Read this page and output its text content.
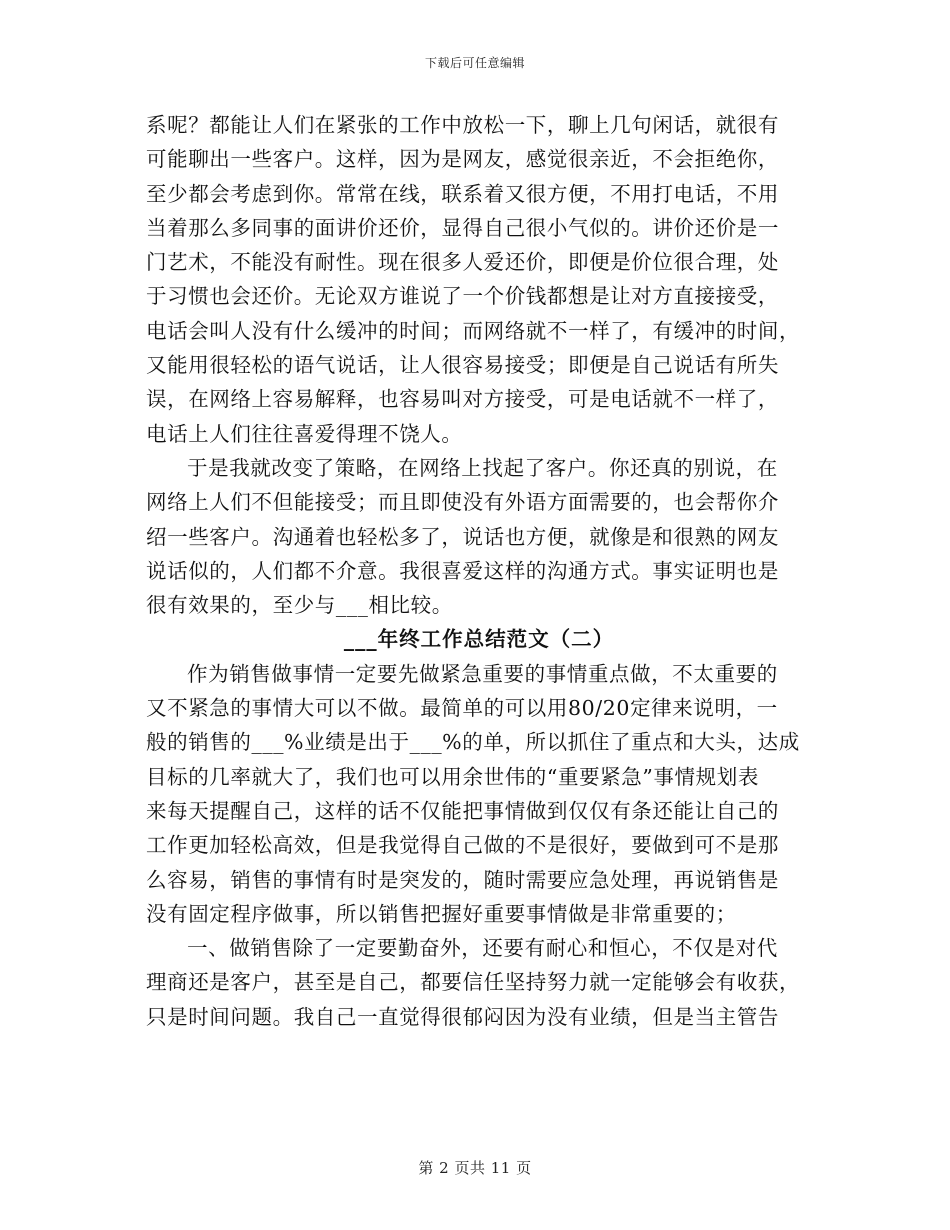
下载后可任意编辑
系呢？都能让人们在紧张的工作中放松一下，聊上几句闲话，就很有
可能聊出一些客户。这样，因为是网友，感觉很亲近，不会拒绝你，
至少都会考虑到你。常常在线，联系着又很方便，不用打电话，不用
当着那么多同事的面讲价还价，显得自己很小气似的。讲价还价是一
门艺术，不能没有耐性。现在很多人爱还价，即便是价位很合理，处
于习惯也会还价。无论双方谁说了一个价钱都想是让对方直接接受，
电话会叫人没有什么缓冲的时间；而网络就不一样了，有缓冲的时间，
又能用很轻松的语气说话，让人很容易接受；即便是自己说话有所失
误，在网络上容易解释，也容易叫对方接受，可是电话就不一样了，
电话上人们往往喜爱得理不饶人。
于是我就改变了策略，在网络上找起了客户。你还真的别说，在
网络上人们不但能接受；而且即使没有外语方面需要的，也会帮你介
绍一些客户。沟通着也轻松多了，说话也方便，就像是和很熟的网友
说话似的，人们都不介意。我很喜爱这样的沟通方式。事实证明也是
很有效果的，至少与___相比较。
___年终工作总结范文（二）
作为销售做事情一定要先做紧急重要的事情重点做，不太重要的
又不紧急的事情大可以不做。最简单的可以用80/20定律来说明，一
般的销售的___%业绩是出于___%的单，所以抓住了重点和大头，达成
目标的几率就大了，我们也可以用余世伟的“重要紧急”事情规划表
来每天提醒自己，这样的话不仅能把事情做到仅仅有条还能让自己的
工作更加轻松高效，但是我觉得自己做的不是很好，要做到可不是那
么容易，销售的事情有时是突发的，随时需要应急处理，再说销售是
没有固定程序做事，所以销售把握好重要事情做是非常重要的；
一、做销售除了一定要勤奋外，还要有耐心和恒心，不仅是对代
理商还是客户，甚至是自己，都要信任坚持努力就一定能够会有收获，
只是时间问题。我自己一直觉得很郁闷因为没有业绩，但是当主管告
第 2 页共 11 页
